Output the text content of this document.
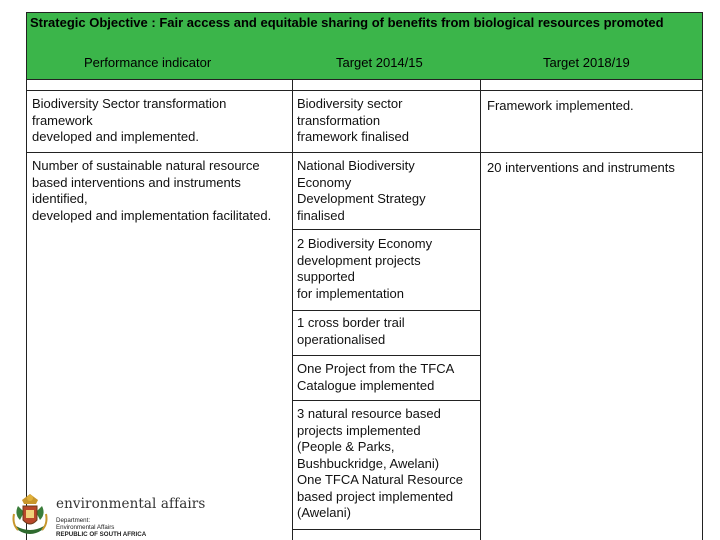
Strategic Objective : Fair access and equitable sharing of benefits from biological resources promoted
Performance indicator	Target 2014/15	Target 2018/19
Biodiversity Sector transformation
framework
developed and implemented.
Biodiversity sector
transformation
framework finalised
Framework implemented.
Number of sustainable natural resource
based interventions and instruments
identified,
developed and implementation facilitated.
National Biodiversity
Economy
Development Strategy
finalised
20 interventions and instruments
2 Biodiversity Economy
development projects
supported
for implementation
1 cross border trail
operationalised
One Project from the TFCA
Catalogue implemented
3 natural resource based
projects implemented
(People & Parks,
Bushbuckridge, Awelani)
One TFCA Natural Resource
based project implemented
(Awelani)
environmental affairs
Department:
Environmental Affairs
REPUBLIC OF SOUTH AFRICA
